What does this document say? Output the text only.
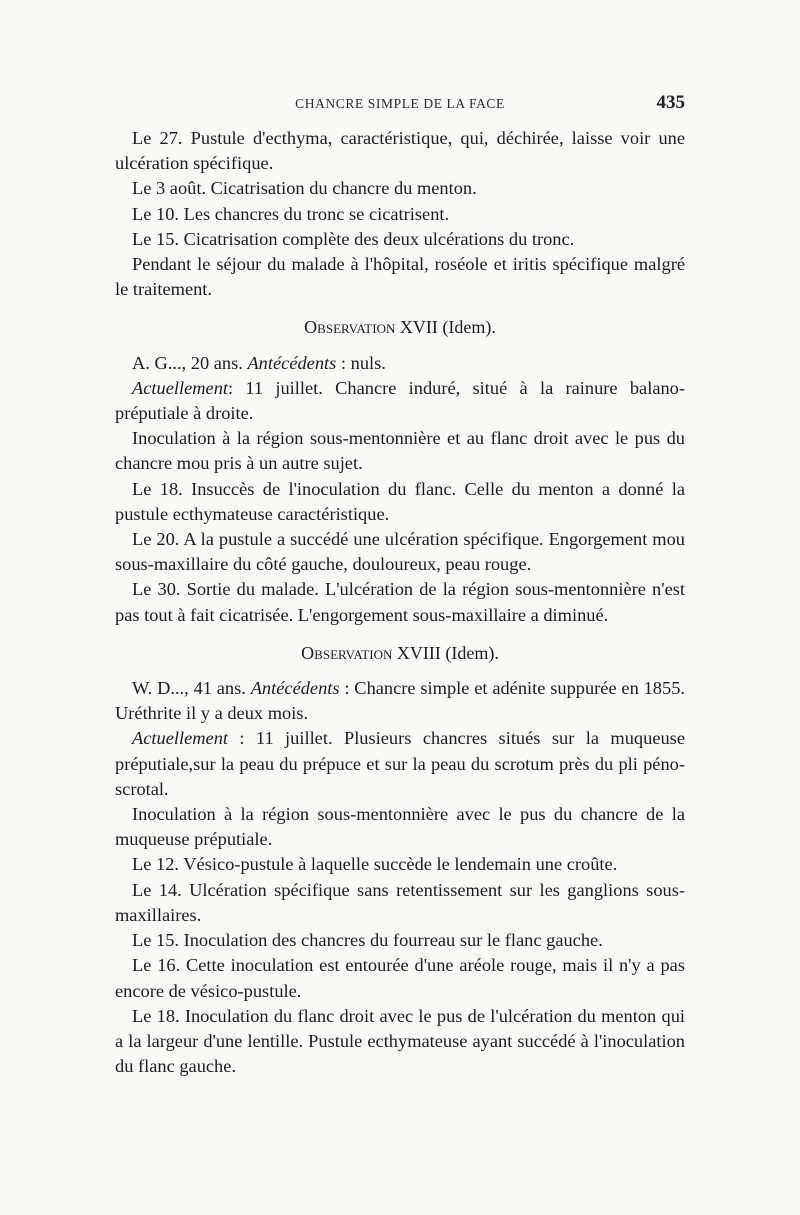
CHANCRE SIMPLE DE LA FACE	435

Le 27. Pustule d'ecthyma, caractéristique, qui, déchirée, laisse voir une ulcération spécifique.

Le 3 août. Cicatrisation du chancre du menton.

Le 10. Les chancres du tronc se cicatrisent.

Le 15. Cicatrisation complète des deux ulcérations du tronc.

Pendant le séjour du malade à l'hôpital, roséole et iritis spécifique malgré le traitement.

Observation XVII (Idem).

A. G..., 20 ans. Antécédents : nuls.

Actuellement: 11 juillet. Chancre induré, situé à la rainure balano-préputiale à droite.

Inoculation à la région sous-mentonnière et au flanc droit avec le pus du chancre mou pris à un autre sujet.

Le 18. Insuccès de l'inoculation du flanc. Celle du menton a donné la pustule ecthymateuse caractéristique.

Le 20. A la pustule a succédé une ulcération spécifique. Engorgement mou sous-maxillaire du côté gauche, douloureux, peau rouge.

Le 30. Sortie du malade. L'ulcération de la région sous-mentonnière n'est pas tout à fait cicatrisée. L'engorgement sous-maxillaire a diminué.

Observation XVIII (Idem).

W. D..., 41 ans. Antécédents : Chancre simple et adénite suppurée en 1855. Uréthrite il y a deux mois.

Actuellement : 11 juillet. Plusieurs chancres situés sur la muqueuse préputiale,sur la peau du prépuce et sur la peau du scrotum près du pli péno-scrotal.

Inoculation à la région sous-mentonnière avec le pus du chancre de la muqueuse préputiale.

Le 12. Vésico-pustule à laquelle succède le lendemain une croûte.

Le 14. Ulcération spécifique sans retentissement sur les ganglions sous-maxillaires.

Le 15. Inoculation des chancres du fourreau sur le flanc gauche.

Le 16. Cette inoculation est entourée d'une aréole rouge, mais il n'y a pas encore de vésico-pustule.

Le 18. Inoculation du flanc droit avec le pus de l'ulcération du menton qui a la largeur d'une lentille. Pustule ecthymateuse ayant succédé à l'inoculation du flanc gauche.
